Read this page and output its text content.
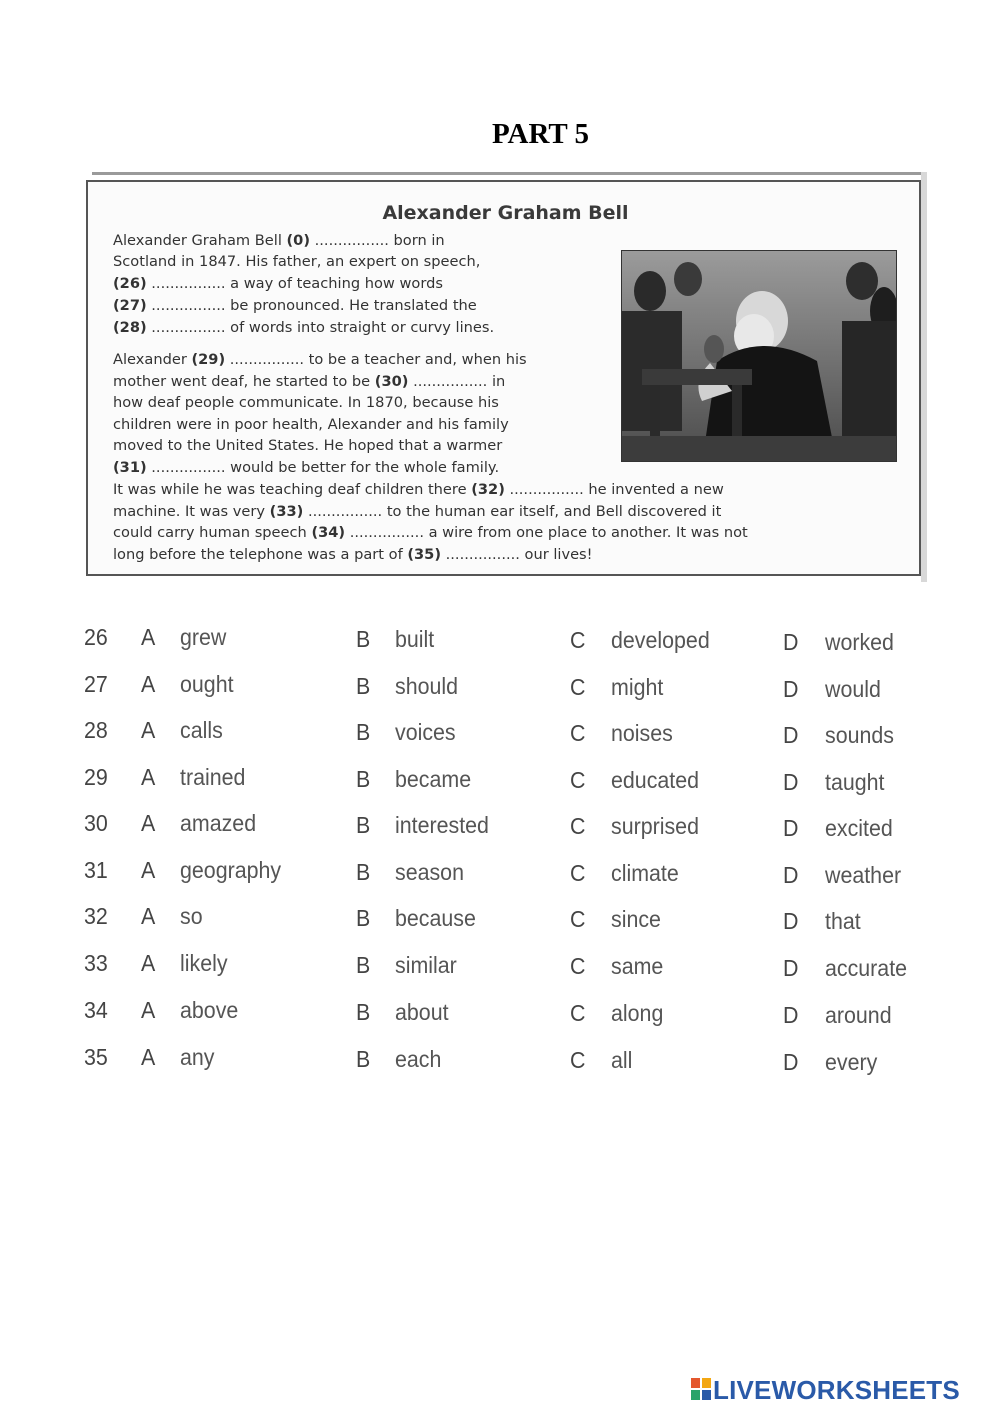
PART 5
Alexander Graham Bell
Alexander Graham Bell (0) ................ born in
Scotland in 1847. His father, an expert on speech,
(26) ................ a way of teaching how words
(27) ................ be pronounced. He translated the
(28) ................ of words into straight or curvy lines.
Alexander (29) ................ to be a teacher and, when his
mother went deaf, he started to be (30) ................ in
how deaf people communicate. In 1870, because his
children were in poor health, Alexander and his family
moved to the United States. He hoped that a warmer
(31) ................ would be better for the whole family.
It was while he was teaching deaf children there (32) ................ he invented a new
machine. It was very (33) ................ to the human ear itself, and Bell discovered it
could carry human speech (34) ................ a wire from one place to another. It was not
long before the telephone was a part of (35) ................ our lives!
26 A grew	B built	C developed	D worked
27 A ought	B should	C might	D would
28 A calls	B voices	C noises	D sounds
29 A trained	B became	C educated	D taught
30 A amazed	B interested	C surprised	D excited
31 A geography	B season	C climate	D weather
32 A so	B because	C since	D that
33 A likely	B similar	C same	D accurate
34 A above	B about	C along	D around
35 A any	B each	C all	D every
LIVEWORKSHEETS
